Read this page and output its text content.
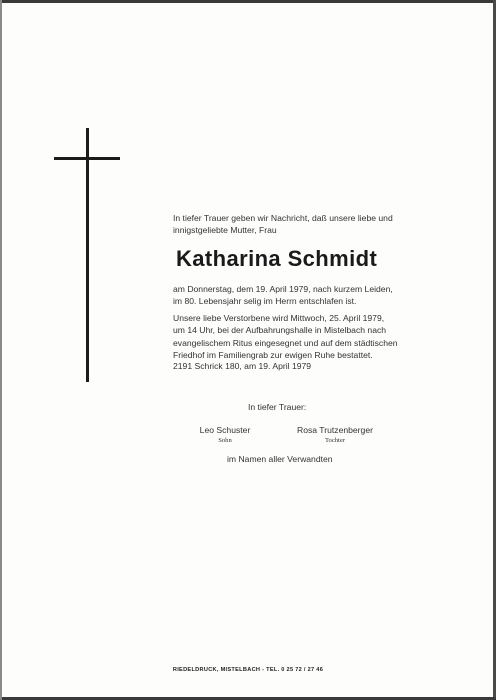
In tiefer Trauer geben wir Nachricht, daß unsere liebe und
innigstgeliebte Mutter, Frau
Katharina Schmidt
am Donnerstag, dem 19. April 1979, nach kurzem Leiden,
im 80. Lebensjahr selig im Herrn entschlafen ist.
Unsere liebe Verstorbene wird Mittwoch, 25. April 1979,
um 14 Uhr, bei der Aufbahrungshalle in Mistelbach nach
evangelischem Ritus eingesegnet und auf dem städtischen
Friedhof im Familiengrab zur ewigen Ruhe bestattet.
2191 Schrick 180, am 19. April 1979
In tiefer Trauer:
Leo Schuster
Sohn
Rosa Trutzenberger
Tochter
im Namen aller Verwandten
RIEDELDRUCK, MISTELBACH - TEL. 0 25 72 / 27 46
